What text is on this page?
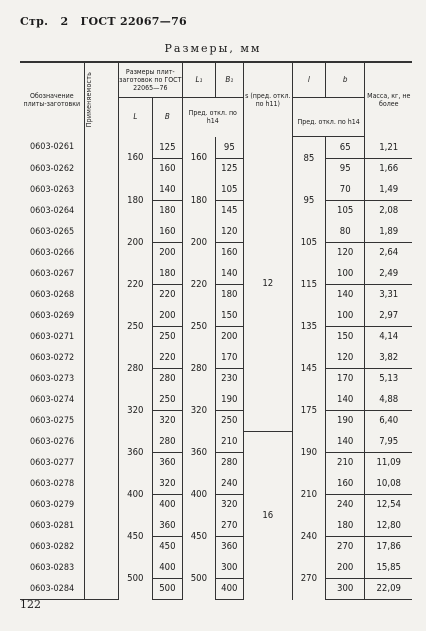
Стр. 2 ГОСТ 22067—76
Размеры, мм
Обозначение плиты-заготовки	Применяемость	Размеры плит-заготовок по ГОСТ 22065—76		L₁	B₁	s (пред. откл. по h11)	l	b	Масса, кг, не более
		L	B	Пред. откл. по h14					
							Пред. откл. по h14		
0603-0261		160	125	160	95	12	85	65	1,21
0603-0262			160		125			95	1,66
0603-0263		180	140	180	105		95	70	1,49
0603-0264			180		145			105	2,08
0603-0265		200	160	200	120		105	80	1,89
0603-0266			200		160			120	2,64
0603-0267		220	180	220	140		115	100	2,49
0603-0268			220		180			140	3,31
0603-0269		250	200	250	150		135	100	2,97
0603-0271			250		200			150	4,14
0603-0272		280	220	280	170		145	120	3,82
0603-0273			280		230			170	5,13
0603-0274		320	250	320	190		175	140	4,88
0603-0275			320		250			190	6,40
0603-0276		360	280	360	210	16	190	140	7,95
0603-0277			360		280			210	11,09
0603-0278		400	320	400	240		210	160	10,08
0603-0279			400		320			240	12,54
0603-0281		450	360	450	270		240	180	12,80
0603-0282			450		360			270	17,86
0603-0283		500	400	500	300		270	200	15,85
0603-0284			500		400			300	22,09
122
